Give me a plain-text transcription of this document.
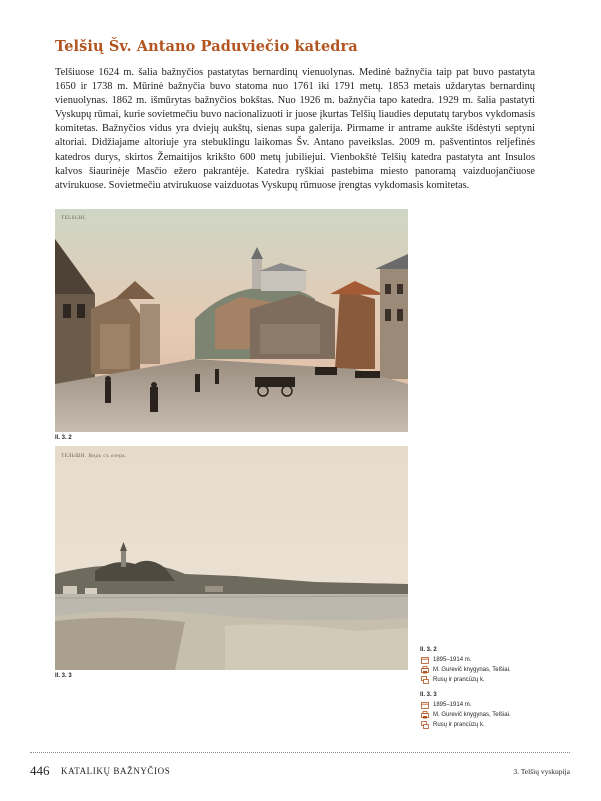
Telšių Šv. Antano Paduviečio katedra

Telšiuose 1624 m. šalia bažnyčios pastatytas bernardinų vienuolynas. Medinė bažnyčia taip pat buvo pastatyta 1650 ir 1738 m. Mūrinė bažnyčia buvo statoma nuo 1761 iki 1791 metų. 1853 metais uždarytas bernardinų vienuolynas. 1862 m. išmūrytas bažnyčios bokštas. Nuo 1926 m. bažnyčia tapo katedra. 1929 m. šalia pastatyti Vyskupų rūmai, kurie sovietmečiu buvo nacionalizuoti ir juose įkurtas Telšių liaudies deputatų tarybos vykdomasis komitetas. Bažnyčios vidus yra dviejų aukštų, sienas supa galerija. Pirmame ir antrame aukšte išdėstyti septyni altoriai. Didžiajame altoriuje yra stebuklingu laikomas Šv. Antano paveikslas. 2009 m. pašventintos reljefinės katedros durys, skirtos Žemaitijos krikšto 600 metų jubiliejui. Vienbokštė Telšių katedra pastatyta ant Insulos kalvos šiaurinėje Masčio ežero pakrantėje. Katedra ryškiai pastebima miesto panoramą vaizduojančiuose atvirukuose. Sovietmečiu atvirukuose vaizduotas Vyskupų rūmuose įrengtas vykdomasis komitetas.

TELSCHI.
Il. 3. 2
ТЕЛЬШИ. Видъ съ озера.
Il. 3. 3
Il. 3. 2
1895–1914 m.
M. Gurevič knygynas, Telšiai.
Rusų ir prancūzų k.
Il. 3. 3
1895–1914 m.
M. Gurevič knygynas, Telšiai.
Rusų ir prancūzų k.
446 KATALIKŲ BAŽNYČIOS	3. Telšių vyskupija
